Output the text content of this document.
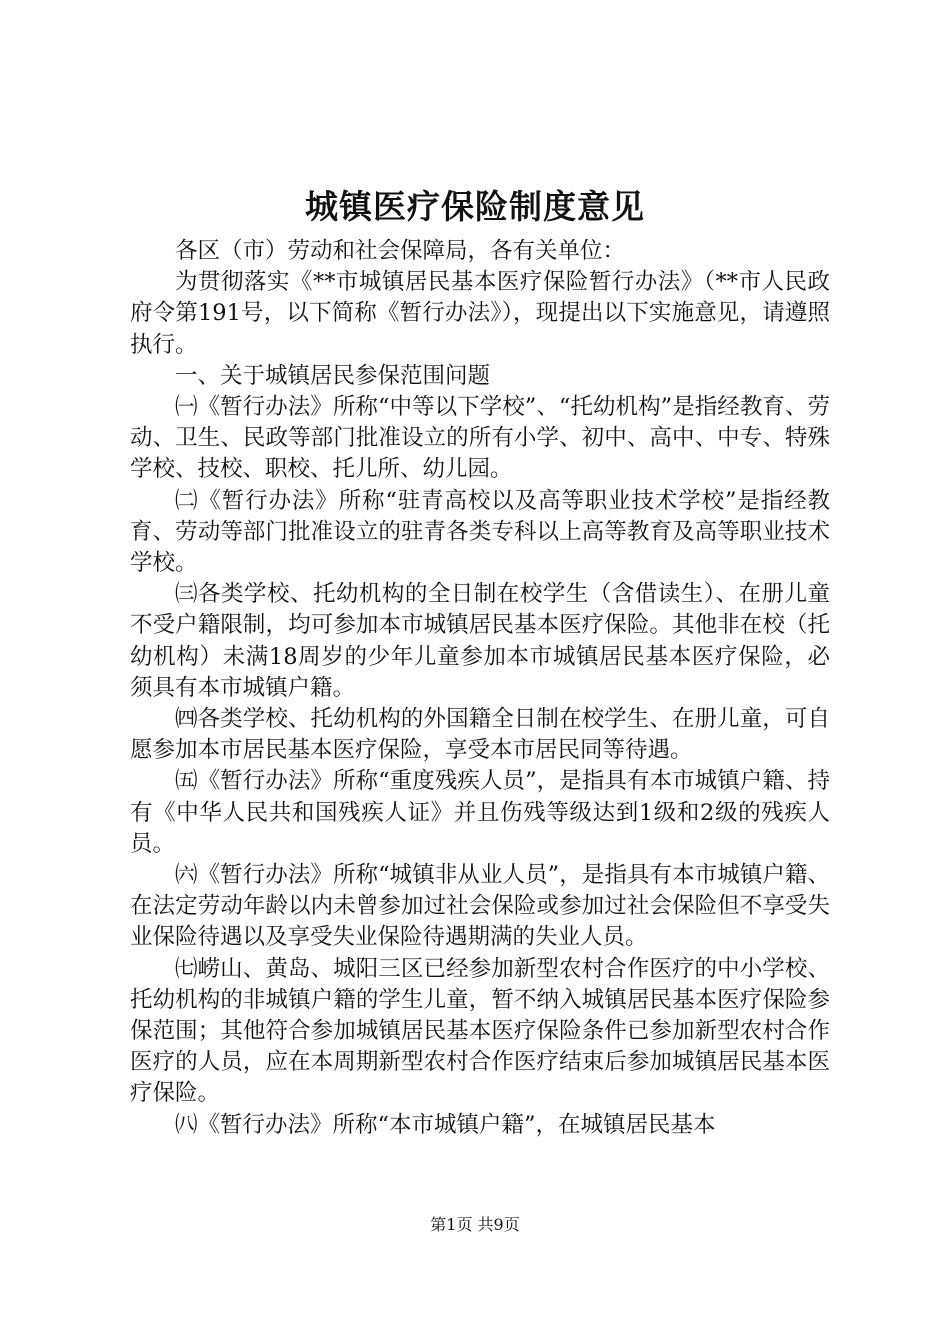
城镇医疗保险制度意见

各区（市）劳动和社会保障局，各有关单位：

为贯彻落实《**市城镇居民基本医疗保险暂行办法》（**市人民政府令第191号，以下简称《暂行办法》），现提出以下实施意见，请遵照执行。

一、关于城镇居民参保范围问题

㈠《暂行办法》所称“中等以下学校”、“托幼机构”是指经教育、劳动、卫生、民政等部门批准设立的所有小学、初中、高中、中专、特殊学校、技校、职校、托儿所、幼儿园。

㈡《暂行办法》所称“驻青高校以及高等职业技术学校”是指经教育、劳动等部门批准设立的驻青各类专科以上高等教育及高等职业技术学校。

㈢各类学校、托幼机构的全日制在校学生（含借读生）、在册儿童不受户籍限制，均可参加本市城镇居民基本医疗保险。其他非在校（托幼机构）未满18周岁的少年儿童参加本市城镇居民基本医疗保险，必须具有本市城镇户籍。

㈣各类学校、托幼机构的外国籍全日制在校学生、在册儿童，可自愿参加本市居民基本医疗保险，享受本市居民同等待遇。

㈤《暂行办法》所称“重度残疾人员”，是指具有本市城镇户籍、持有《中华人民共和国残疾人证》并且伤残等级达到1级和2级的残疾人员。

㈥《暂行办法》所称“城镇非从业人员”，是指具有本市城镇户籍、在法定劳动年龄以内未曾参加过社会保险或参加过社会保险但不享受失业保险待遇以及享受失业保险待遇期满的失业人员。

㈦崂山、黄岛、城阳三区已经参加新型农村合作医疗的中小学校、托幼机构的非城镇户籍的学生儿童，暂不纳入城镇居民基本医疗保险参保范围；其他符合参加城镇居民基本医疗保险条件已参加新型农村合作医疗的人员，应在本周期新型农村合作医疗结束后参加城镇居民基本医疗保险。

㈧《暂行办法》所称“本市城镇户籍”，在城镇居民基本

第1页 共9页
